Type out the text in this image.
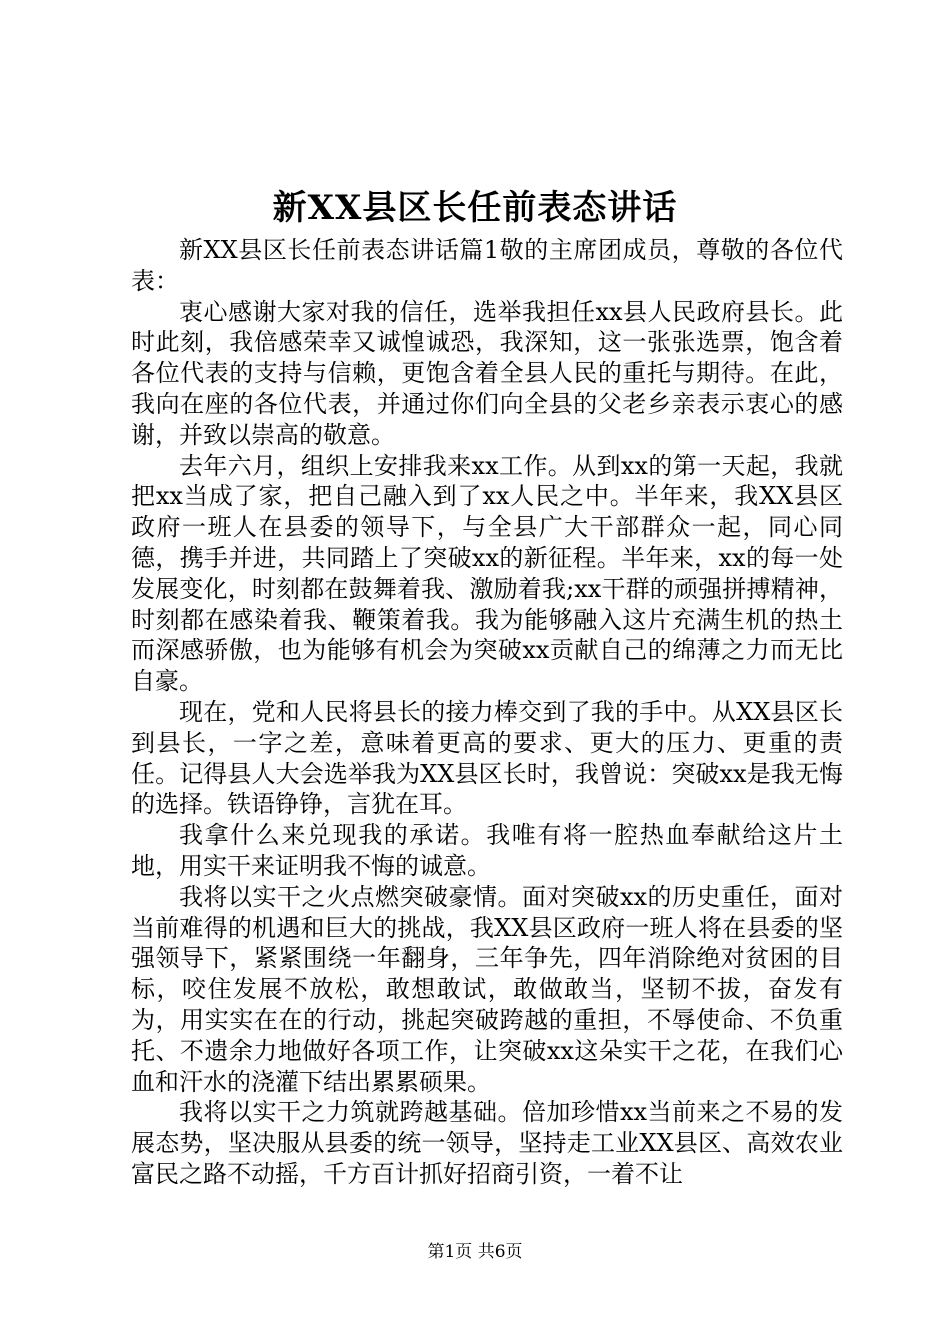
新XX县区长任前表态讲话

新XX县区长任前表态讲话篇1敬的主席团成员，尊敬的各位代表：

衷心感谢大家对我的信任，选举我担任xx县人民政府县长。此时此刻，我倍感荣幸又诚惶诚恐，我深知，这一张张选票，饱含着各位代表的支持与信赖，更饱含着全县人民的重托与期待。在此，我向在座的各位代表，并通过你们向全县的父老乡亲表示衷心的感谢，并致以崇高的敬意。

去年六月，组织上安排我来xx工作。从到xx的第一天起，我就把xx当成了家，把自己融入到了xx人民之中。半年来，我XX县区政府一班人在县委的领导下，与全县广大干部群众一起，同心同德，携手并进，共同踏上了突破xx的新征程。半年来，xx的每一处发展变化，时刻都在鼓舞着我、激励着我;xx干群的顽强拼搏精神，时刻都在感染着我、鞭策着我。我为能够融入这片充满生机的热土而深感骄傲，也为能够有机会为突破xx贡献自己的绵薄之力而无比自豪。

现在，党和人民将县长的接力棒交到了我的手中。从XX县区长到县长，一字之差，意味着更高的要求、更大的压力、更重的责任。记得县人大会选举我为XX县区长时，我曾说：突破xx是我无悔的选择。铁语铮铮，言犹在耳。

我拿什么来兑现我的承诺。我唯有将一腔热血奉献给这片土地，用实干来证明我不悔的诚意。

我将以实干之火点燃突破豪情。面对突破xx的历史重任，面对当前难得的机遇和巨大的挑战，我XX县区政府一班人将在县委的坚强领导下，紧紧围绕一年翻身，三年争先，四年消除绝对贫困的目标，咬住发展不放松，敢想敢试，敢做敢当，坚韧不拔，奋发有为，用实实在在的行动，挑起突破跨越的重担，不辱使命、不负重托、不遗余力地做好各项工作，让突破xx这朵实干之花，在我们心血和汗水的浇灌下结出累累硕果。

我将以实干之力筑就跨越基础。倍加珍惜xx当前来之不易的发展态势，坚决服从县委的统一领导，坚持走工业XX县区、高效农业富民之路不动摇，千方百计抓好招商引资，一着不让

第1页 共6页
